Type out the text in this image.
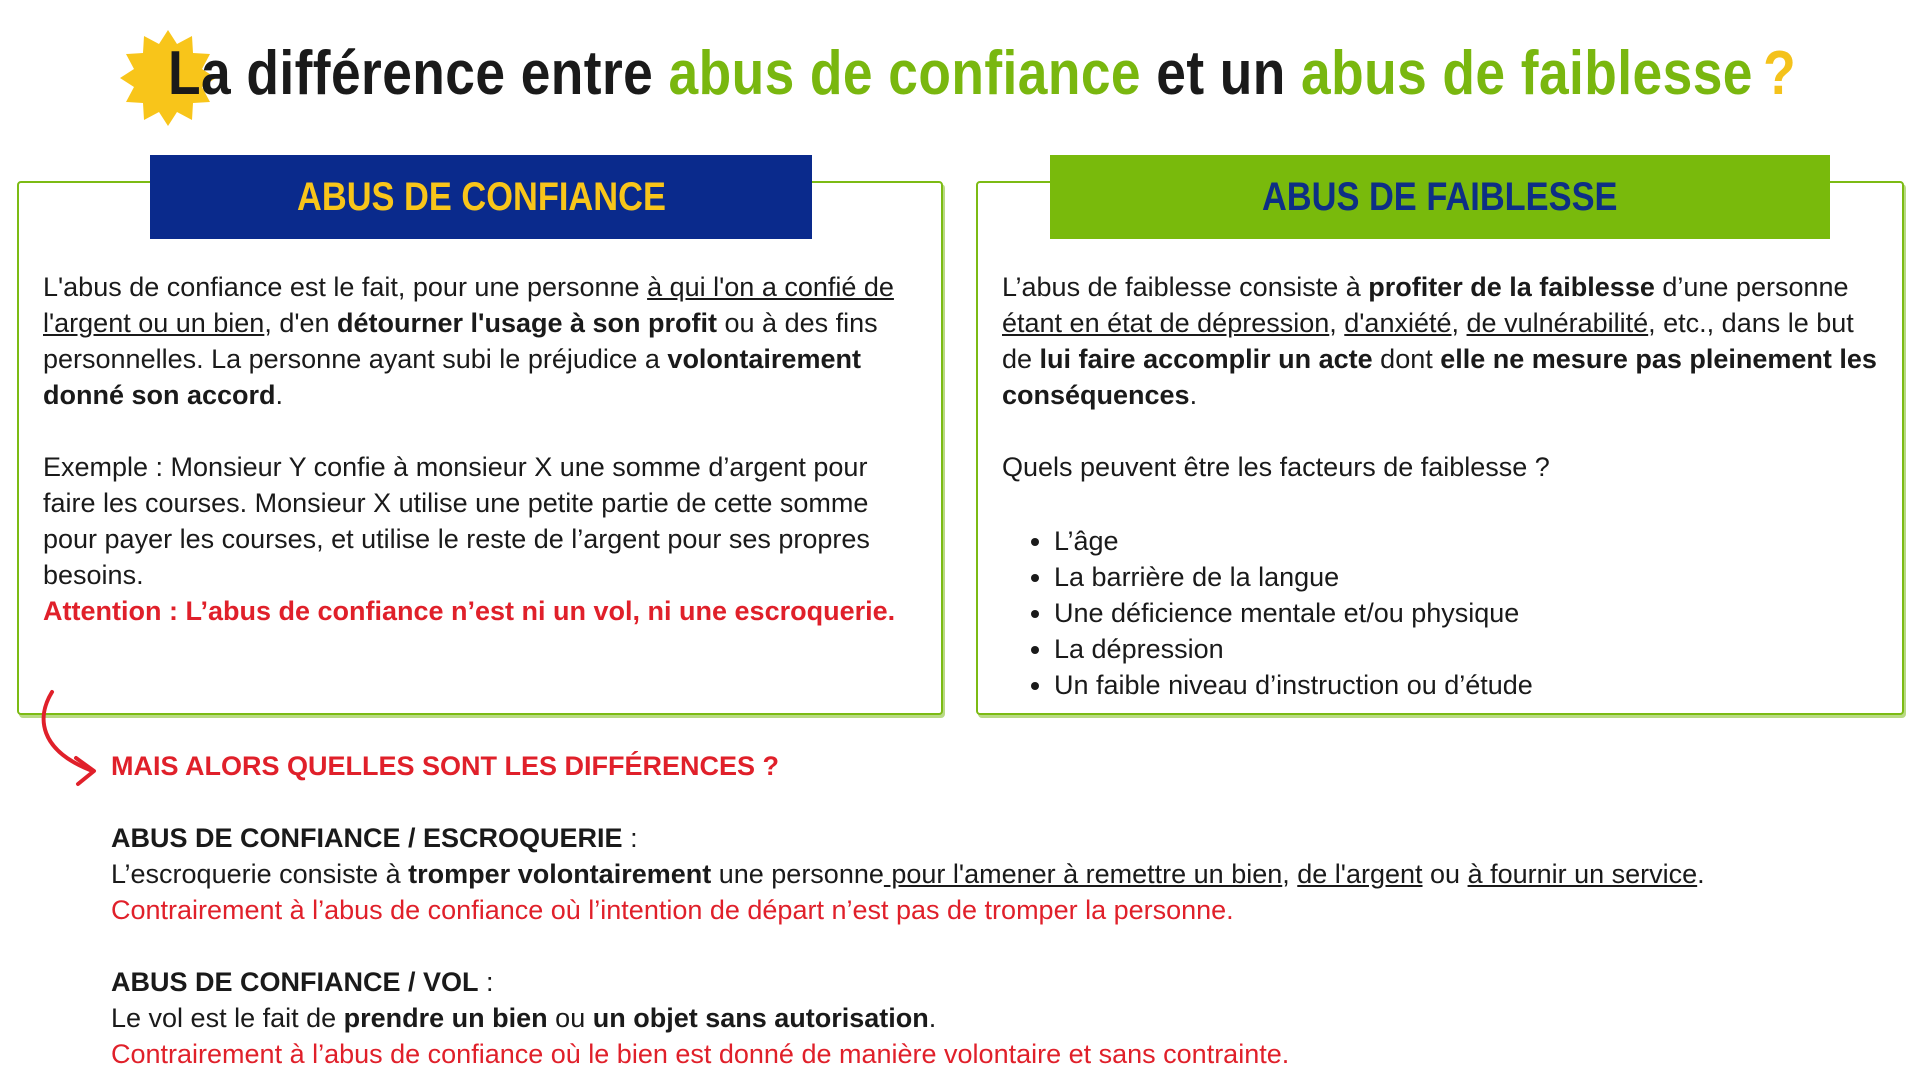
La différence entre abus de confiance et un abus de faiblesse ?
ABUS DE CONFIANCE

L'abus de confiance est le fait, pour une personne à qui l'on a confié de l'argent ou un bien, d'en détourner l'usage à son profit ou à des fins personnelles. La personne ayant subi le préjudice a volontairement donné son accord.

Exemple : Monsieur Y confie à monsieur X une somme d’argent pour faire les courses. Monsieur X utilise une petite partie de cette somme pour payer les courses, et utilise le reste de l’argent pour ses propres besoins.

Attention : L’abus de confiance n’est ni un vol, ni une escroquerie.

ABUS DE FAIBLESSE

L’abus de faiblesse consiste à profiter de la faiblesse d’une personne étant en état de dépression, d'anxiété, de vulnérabilité, etc., dans le but de lui faire accomplir un acte dont elle ne mesure pas pleinement les conséquences.

Quels peuvent être les facteurs de faiblesse ?

• L’âge
• La barrière de la langue
• Une déficience mentale et/ou physique
• La dépression
• Un faible niveau d’instruction ou d’étude

MAIS ALORS QUELLES SONT LES DIFFÉRENCES ?

ABUS DE CONFIANCE / ESCROQUERIE :

L’escroquerie consiste à tromper volontairement une personne pour l'amener à remettre un bien, de l'argent ou à fournir un service.

Contrairement à l’abus de confiance où l’intention de départ n’est pas de tromper la personne.

ABUS DE CONFIANCE / VOL :

Le vol est le fait de prendre un bien ou un objet sans autorisation.

Contrairement à l’abus de confiance où le bien est donné de manière volontaire et sans contrainte.
